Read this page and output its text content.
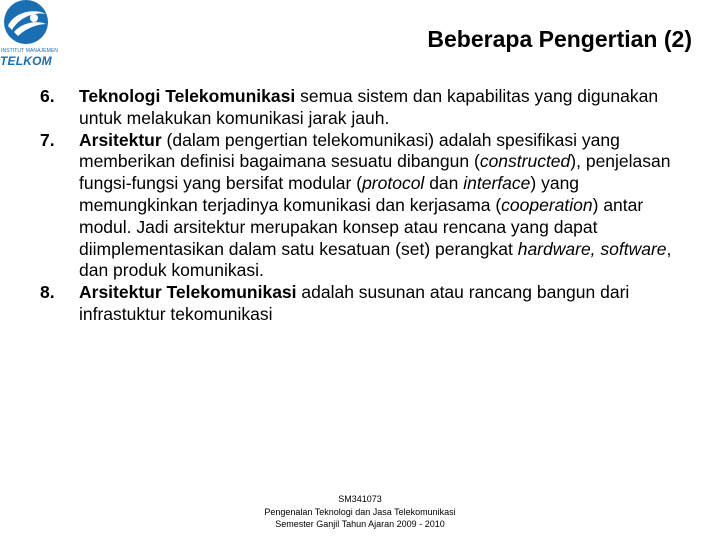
INSTITUT MANAJEMEN
TELKOM
Beberapa Pengertian (2)
6. Teknologi Telekomunikasi semua sistem dan kapabilitas yang digunakan untuk melakukan komunikasi jarak jauh.
7. Arsitektur (dalam pengertian telekomunikasi) adalah spesifikasi yang memberikan definisi bagaimana sesuatu dibangun (constructed), penjelasan fungsi-fungsi yang bersifat modular (protocol dan interface) yang memungkinkan terjadinya komunikasi dan kerjasama (cooperation) antar modul. Jadi arsitektur merupakan konsep atau rencana yang dapat diimplementasikan dalam satu kesatuan (set) perangkat hardware, software, dan produk komunikasi.
8. Arsitektur Telekomunikasi adalah susunan atau rancang bangun dari infrastuktur tekomunikasi
SM341073
Pengenalan Teknologi dan Jasa Telekomunikasi
Semester Ganjil Tahun Ajaran 2009 - 2010
